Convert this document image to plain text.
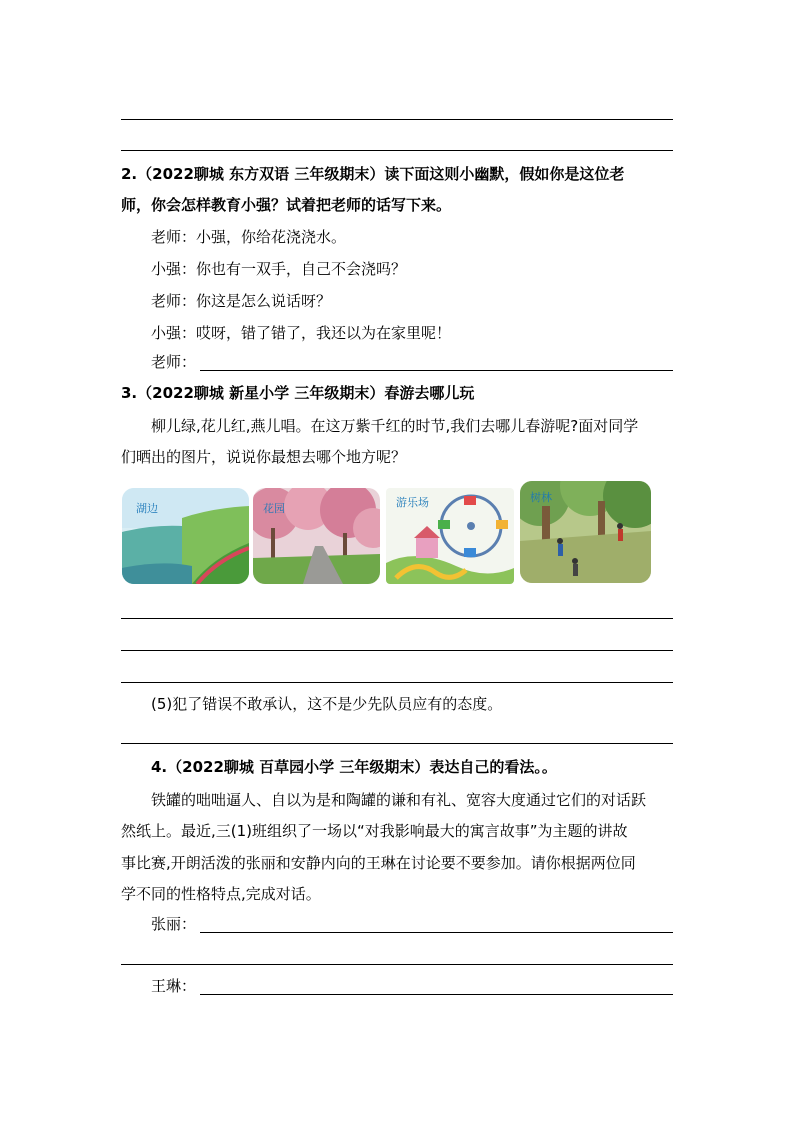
2.（2022聊城 东方双语 三年级期末）读下面这则小幽默，假如你是这位老
师，你会怎样教育小强？试着把老师的话写下来。
老师：小强，你给花浇浇水。
小强：你也有一双手，自己不会浇吗？
老师：你这是怎么说话呀？
小强：哎呀，错了错了，我还以为在家里呢！
老师：
3.（2022聊城 新星小学 三年级期末）春游去哪儿玩
柳儿绿,花儿红,燕儿唱。在这万紫千红的时节,我们去哪儿春游呢?面对同学
们晒出的图片，说说你最想去哪个地方呢？
湖边	花园	游乐场	树林
(5)犯了错误不敢承认，这不是少先队员应有的态度。
4.（2022聊城 百草园小学 三年级期末）表达自己的看法。。
铁罐的咄咄逼人、自以为是和陶罐的谦和有礼、宽容大度通过它们的对话跃
然纸上。最近,三(1)班组织了一场以“对我影响最大的寓言故事”为主题的讲故
事比赛,开朗活泼的张丽和安静内向的王琳在讨论要不要参加。请你根据两位同
学不同的性格特点,完成对话。
张丽：
王琳：
